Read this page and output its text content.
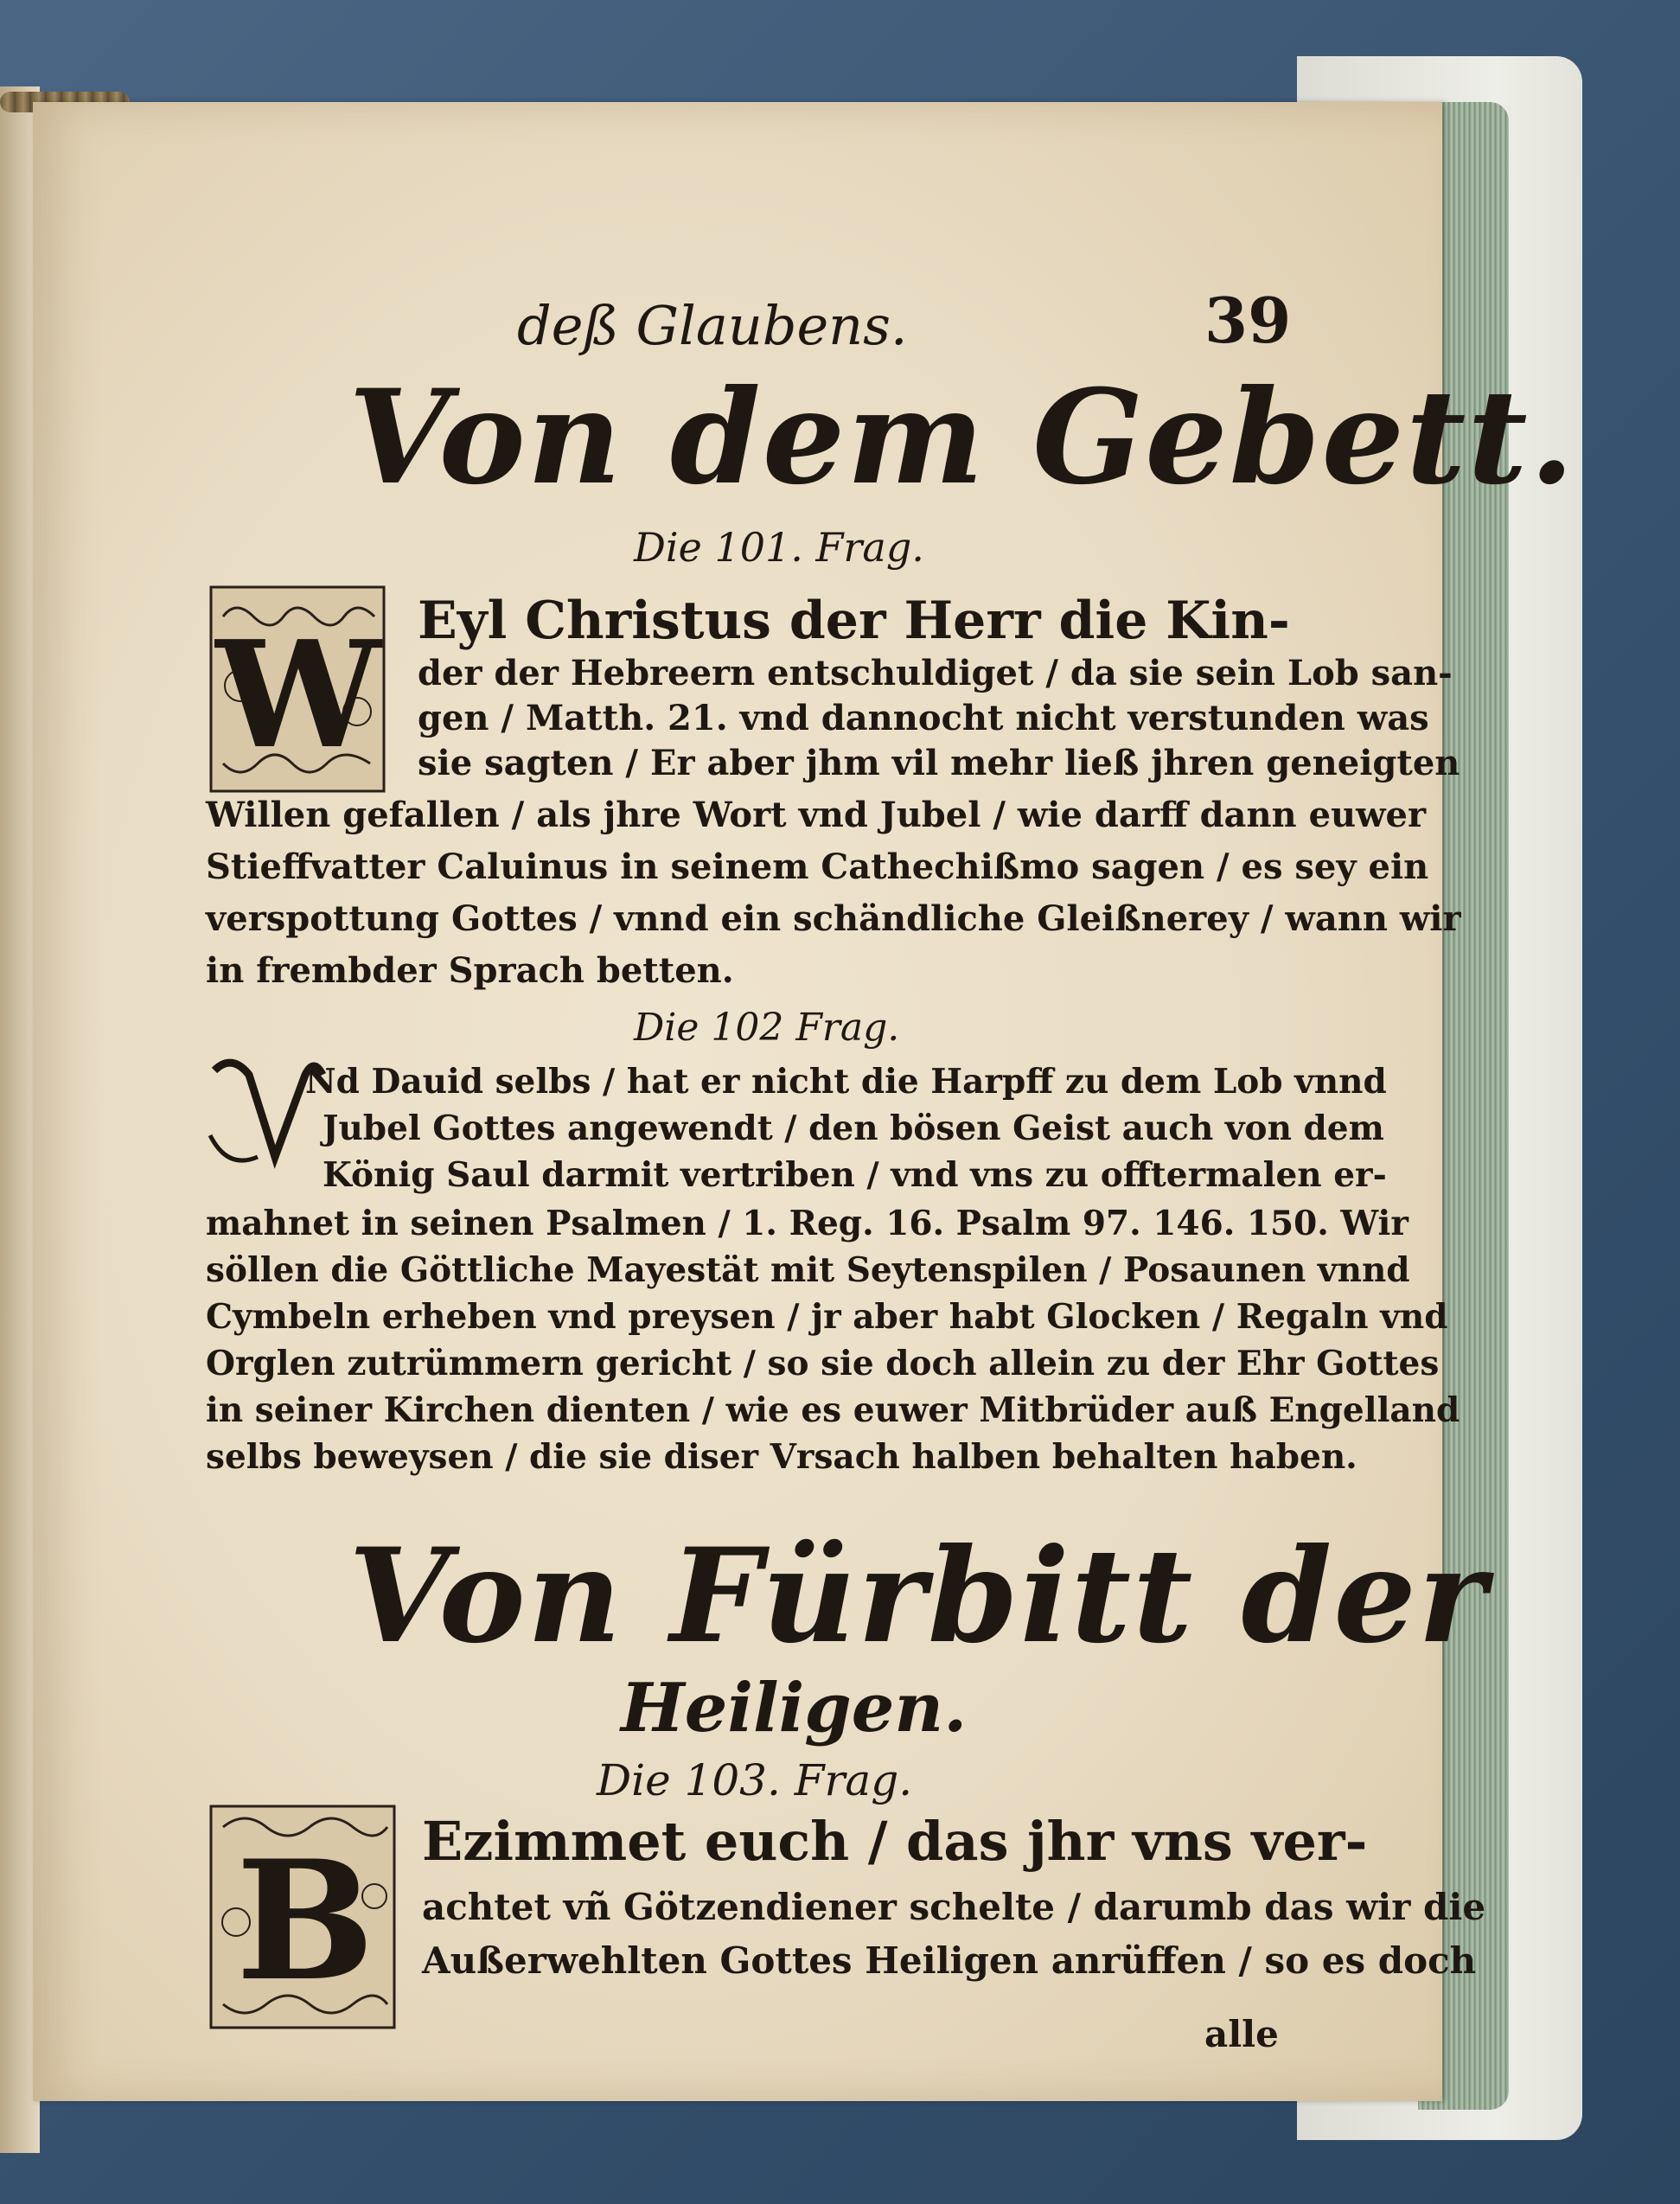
deß Glaubens.	39

Von dem Gebett.

Die 101. Frag.

W Eyl Christus der Herr die Kin-

der der Hebreern entschuldiget / da sie sein Lob san-

gen / Matth. 21. vnd dannocht nicht verstunden was

sie sagten / Er aber jhm vil mehr ließ jhren geneigten

Willen gefallen / als jhre Wort vnd Jubel / wie darff dann euwer

Stieffvatter Caluinus in seinem Cathechißmo sagen / es sey ein

verspottung Gottes / vnnd ein schändliche Gleißnerey / wann wir

in frembder Sprach betten.

Die 102 Frag.

Nd Dauid selbs / hat er nicht die Harpff zu dem Lob vnnd

Jubel Gottes angewendt / den bösen Geist auch von dem

König Saul darmit vertriben / vnd vns zu offtermalen er-

mahnet in seinen Psalmen / 1. Reg. 16. Psalm 97. 146. 150. Wir

söllen die Göttliche Mayestät mit Seytenspilen / Posaunen vnnd

Cymbeln erheben vnd preysen / jr aber habt Glocken / Regaln vnd

Orglen zutrümmern gericht / so sie doch allein zu der Ehr Gottes

in seiner Kirchen dienten / wie es euwer Mitbrüder auß Engelland

selbs beweysen / die sie diser Vrsach halben behalten haben.

Von Fürbitt der
Heiligen.

Die 103. Frag.

B Ezimmet euch / das jhr vns ver-

achtet vñ Götzendiener schelte / darumb das wir die

Außerwehlten Gottes Heiligen anrüffen / so es doch

alle
